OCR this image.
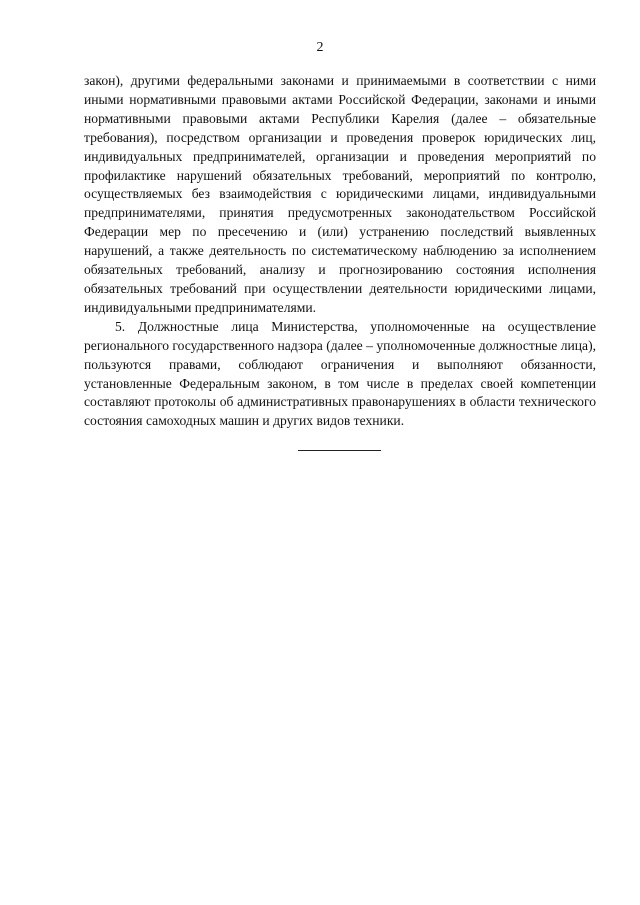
2

закон), другими федеральными законами и принимаемыми в соответствии с ними иными нормативными правовыми актами Российской Федерации, законами и иными нормативными правовыми актами Республики Карелия (далее – обязательные требования), посредством организации и проведения проверок юридических лиц, индивидуальных предпринимателей, организации и проведения мероприятий по профилактике нарушений обязательных требований, мероприятий по контролю, осуществляемых без взаимодействия с юридическими лицами, индивидуальными предпринимателями, принятия предусмотренных законодательством Российской Федерации мер по пресечению и (или) устранению последствий выявленных нарушений, а также деятельность по систематическому наблюдению за исполнением обязательных требований, анализу и прогнозированию состояния исполнения обязательных требований при осуществлении деятельности юридическими лицами, индивидуальными предпринимателями.

5. Должностные лица Министерства, уполномоченные на осуществление регионального государственного надзора (далее – уполномоченные должностные лица), пользуются правами, соблюдают ограничения и выполняют обязанности, установленные Федеральным законом, в том числе в пределах своей компетенции составляют протоколы об административных правонарушениях в области технического состояния самоходных машин и других видов техники.
